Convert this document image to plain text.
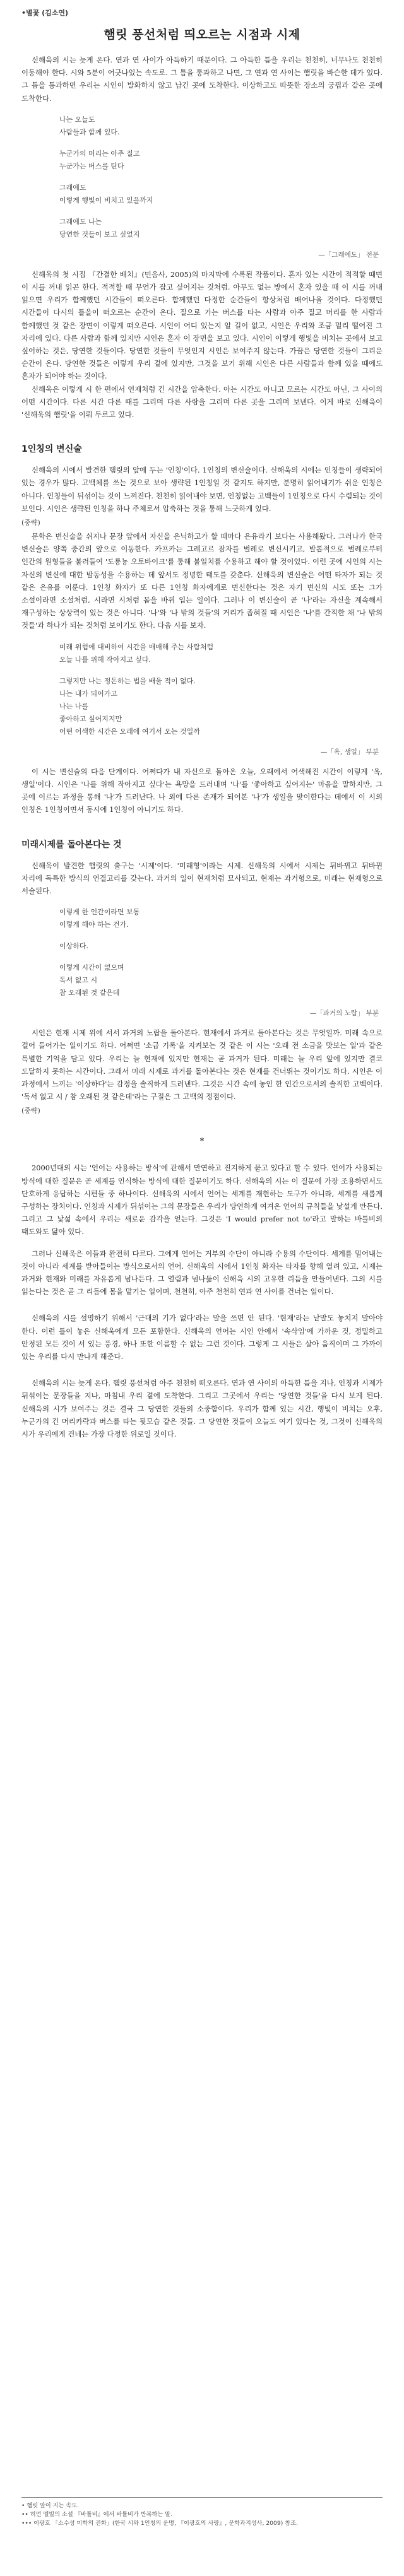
•별꽃 (김소연)
햄릿 풍선처럼 띄오르는 시점과 시제

신해욱의 시는 늦게 온다. 연과 연 사이가 아득하기 때문이다. 그 아득한 틈을 우리는 천천히, 너무나도 천천히 이동해야 한다. 시와 5분이 어긋나있는 속도로. 그 틈을 통과하고 나면, 그 연과 연 사이는 햄릿을 바슨한 데가 있다. 그 틈을 통과하면 우리는 시인이 발화하지 않고 남긴 곳에 도착한다. 이상하고도 따뜻한 장소의 궁핍과 같은 곳에 도착한다.

나는 오늘도
사람들과 함께 있다.
누군가의 머리는 아주 질고
누군가는 버스를 탄다
그래에도
이렇게 행빛이 비치고 있을까지
그래에도 나는
당연한 것들이 보고 싶었지
—「그래에도」 전문

신해욱의 첫 시집 『간결한 배치』(민음사, 2005)의 마지막에 수록된 작품이다. 혼자 있는 시간이 적적할 때면 이 시를 꺼내 읽곤 한다. 적적할 때 무언가 잡고 싶어지는 것처럼. 아무도 없는 방에서 혼자 있을 때 이 시를 꺼내 읽으면 우리가 함께했던 시간들이 떠오른다. 함께했던 다정한 순간들이 항상처럼 배어나올 것이다. 다정했던 시간들이 다시의 틀을이 떠오르는 순간이 온다. 질으로 가는 버스를 타는 사람과 아주 질고 머리를 한 사람과 함께했던 것 같은 장면이 이렇게 떠오른다. 시인이 어디 있는지 알 길이 없고, 시인은 우리와 조금 멀리 떨어진 그 자리에 있다. 다른 사람과 함께 있지만 시인은 혼자 이 장면을 보고 있다. 시인이 이렇게 행빛을 비치는 곳에서 보고 싶어하는 것은, 당연한 것들이다. 당연한 것들이 무엇인지 시인은 보여주지 않는다. 가끔은 당연한 것들이 그리운 순간이 온다. 당연한 것들은 이렇게 우리 곁에 있지만, 그것을 보기 위해 시인은 다른 사람들과 함께 있을 때에도 혼자가 되어야 하는 것이다.

신해욱은 이렇게 시 한 편에서 연재처럼 긴 시간을 압축한다. 아는 시간도 아니고 모르는 시간도 아닌, 그 사이의 어떤 시간이다. 다른 시간 다른 때를 그리며 다른 사람을 그리며 다른 곳을 그리며 보낸다. 이게 바로 신해욱이 '신해욱의 햄릿'을 이뤄 두르고 있다.

1인칭의 변신술

신해욱의 시에서 발견한 햄릿의 앞에 두는 '인칭'이다. 1인칭의 변신술이다. 신해욱의 시에는 인칭들이 생략되어 있는 경우가 많다. 고백체를 쓰는 것으로 보아 생략된 1인칭일 것 같지도 하지만, 분명히 읽어내기가 쉬운 인칭은 아니다. 인칭들이 뒤섞이는 것이 느껴진다. 천천히 읽어내야 보면, 인칭없는 고백들이 1인칭으로 다시 수렴되는 것이 보인다. 시인은 생략된 인칭을 하나 주체로서 압축하는 것을 통해 느긋하게 있다.

(중략)

문학은 변신술을 쉬지나 문장 앞에서 자신을 은닉하고가 할 때마다 은유라기 보다는 사용해왔다. 그러나가 한국 변신술은 양쪽 중간의 앞으로 이동한다. 카프카는 그레고르 잠자를 벌레로 변신시키고, 발톱적으로 벌레로부터 인간의 원형들을 불러들여 '도룡뇽 오토바이크'를 통해 불일치를 수용하고 해야 할 것이었다. 이런 곳에 시인의 시는 자신의 변신에 대한 발동성을 수용하는 데 앞서도 정녕한 태도를 갖춘다. 신해욱의 변신술은 어떤 타자가 되는 것 같은 은유를 이룬다. 1인칭 화자가 또 다른 1인칭 화자에게로 변신한다는 것은 자기 변신의 시도 또는 그가 소설이라면 소설처럼, 시라면 시처럼 몸을 바꿔 입는 일이다. 그러나 이 변신술이 곧 '나'라는 자신을 계속해서 재구성하는 상상력이 있는 것은 아니다. '나'와 '나 밖의 것들'의 거리가 좁혀질 때 시인은 '나'를 간직한 채 '나 밖의 것들'과 하나가 되는 것처럼 보이기도 한다. 다음 시를 보자.

미래 위험에 대비하여 시간을 매매해 주는 사람처럼
오늘 나를 위해 작아지고 싶다.
그렇지만 나는 정돈하는 법을 배울 적이 없다.
나는 내가 되어가고
나는 나를
좋아하고 싶어지지만
어떤 어색한 시간은 오래에 여기서 오는 것일까
—「옥, 생일」 부분

이 시는 변신술의 다음 단계이다. 어쩌다가 내 자신으로 돌아온 오늘, 오래에서 어색해진 시간이 이렇게 '옥, 생일'이다. 시인은 '나를 위해 작아지고 싶다'는 욕망을 드러내며 '나'를 '좋아하고 싶어지는' 마음을 말하지만, 그 곳에 이르는 과정을 통해 '나'가 드러난다. 나 외에 다른 존재가 되어본 '나'가 생일을 맞이한다는 데에서 이 시의 인칭은 1인칭이면서 동시에 1인칭이 아니기도 하다.

미래시제를 돌아본다는 것

신해욱이 발견한 햄릿의 출구는 '시제'이다. '미래형'이라는 시제. 신해욱의 시에서 시제는 뒤바뀌고 뒤바뀐 자리에 독특한 방식의 연결고리를 갖는다. 과거의 일이 현재처럼 묘사되고, 현재는 과거형으로, 미래는 현재형으로 서술된다.

이렇게 한 인간이라면 보통
이렇게 해야 하는 건가.
이상하다.
이렇게 시간이 없으며
독서 없고 시
참 오래된 것 같은데
—「과거의 노랍」 부분

시인은 현재 시제 위에 서서 과거의 노랍을 돌아본다. 현재에서 과거로 돌아본다는 것은 무엇일까. 미래 속으로 걸어 들어가는 일이기도 하다. 어쩌면 '소급 기록'을 지켜보는 것 같은 이 시는 '오래 전 소금을 맛보는 일'과 같은 특별한 기억을 담고 있다. 우리는 늘 현재에 있지만 현재는 곧 과거가 된다. 미래는 늘 우리 앞에 있지만 결코 도달하지 못하는 시간이다. 그래서 미래 시제로 과거를 돌아본다는 것은 현재를 건너뛰는 것이기도 하다. 시인은 이 과정에서 느끼는 '이상하다'는 감정을 솔직하게 드러낸다. 그것은 시간 속에 놓인 한 인간으로서의 솔직한 고백이다. '독서 없고 시 / 참 오래된 것 같은데'라는 구절은 그 고백의 정점이다.

(중략)
*

2000년대의 시는 '언어는 사용하는 방식'에 관해서 만연하고 진지하게 묻고 있다고 할 수 있다. 언어가 사용되는 방식에 대한 질문은 곧 세계를 인식하는 방식에 대한 질문이기도 하다. 신해욱의 시는 이 질문에 가장 조용하면서도 단호하게 응답하는 시편들 중 하나이다. 신해욱의 시에서 언어는 세계를 재현하는 도구가 아니라, 세계를 새롭게 구성하는 장치이다. 인칭과 시제가 뒤섞이는 그의 문장들은 우리가 당연하게 여겨온 언어의 규칙들을 낯설게 만든다. 그리고 그 낯섦 속에서 우리는 새로운 감각을 얻는다. 그것은 'I would prefer not to'라고 말하는 바틀비의 태도와도 닮아 있다.

그러나 신해욱은 이들과 완전히 다르다. 그에게 언어는 거부의 수단이 아니라 수용의 수단이다. 세계를 밀어내는 것이 아니라 세계를 받아들이는 방식으로서의 언어. 신해욱의 시에서 1인칭 화자는 타자를 향해 열려 있고, 시제는 과거와 현재와 미래를 자유롭게 넘나든다. 그 열림과 넘나듦이 신해욱 시의 고유한 리듬을 만들어낸다. 그의 시를 읽는다는 것은 곧 그 리듬에 몸을 맡기는 일이며, 천천히, 아주 천천히 연과 연 사이를 건너는 일이다.

신해욱의 시를 설명하기 위해서 '근대의 기가 없다'라는 말을 쓰면 안 된다. '현재'라는 낱말도 놓치지 말아야 한다. 이런 틀이 놓은 신해욱에게 모든 포함한다. 신해욱의 언어는 시인 안에서 '속삭임'에 가까운 것, 정밀하고 안정된 모든 것이 서 있는 풍경, 하나 또한 이름할 수 없는 그런 것이다. 그렇게 그 시들은 살아 움직이며 그 가까이 있는 우리를 다시 만나게 해준다.

신해욱의 시는 늦게 온다. 햄릿 풍선처럼 아주 천천히 떠오른다. 연과 연 사이의 아득한 틈을 지나, 인칭과 시제가 뒤섞이는 문장들을 지나, 마침내 우리 곁에 도착한다. 그리고 그곳에서 우리는 '당연한 것들'을 다시 보게 된다. 신해욱의 시가 보여주는 것은 결국 그 당연한 것들의 소중함이다. 우리가 함께 있는 시간, 행빛이 비치는 오후, 누군가의 긴 머리카락과 버스를 타는 뒷모습 같은 것들. 그 당연한 것들이 오늘도 여기 있다는 것, 그것이 신해욱의 시가 우리에게 건네는 가장 다정한 위로일 것이다.

• 햄릿 앞이 지는 속도.
•• 허먼 멜빌의 소설 『바틀비』에서 바틀비가 반복하는 말.
••• 이광호 「소수성 미학의 진화」(한국 시와 1인칭의 운명, 『이광호의 사랑』, 문학과지성사, 2009) 참조.
